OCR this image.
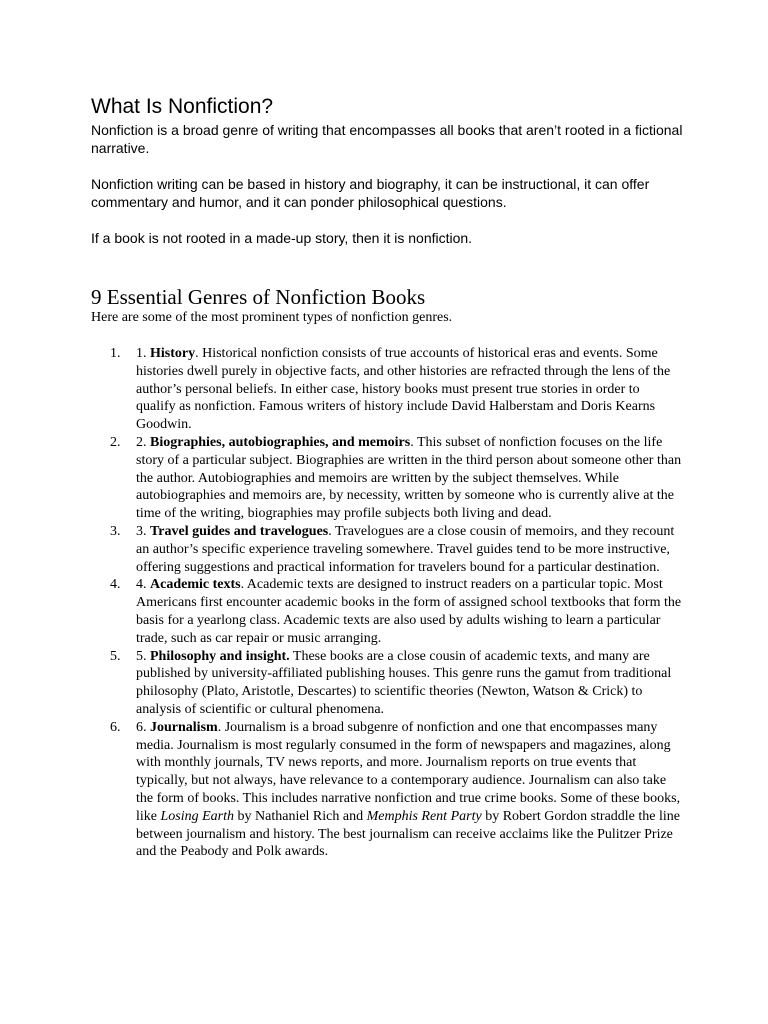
What Is Nonfiction?

Nonfiction is a broad genre of writing that encompasses all books that aren’t rooted in a fictional narrative.

Nonfiction writing can be based in history and biography, it can be instructional, it can offer commentary and humor, and it can ponder philosophical questions.

If a book is not rooted in a made-up story, then it is nonfiction.

9 Essential Genres of Nonfiction Books

Here are some of the most prominent types of nonfiction genres.

1. 1. History. Historical nonfiction consists of true accounts of historical eras and events. Some histories dwell purely in objective facts, and other histories are refracted through the lens of the author’s personal beliefs. In either case, history books must present true stories in order to qualify as nonfiction. Famous writers of history include David Halberstam and Doris Kearns Goodwin.
2. 2. Biographies, autobiographies, and memoirs. This subset of nonfiction focuses on the life story of a particular subject. Biographies are written in the third person about someone other than the author. Autobiographies and memoirs are written by the subject themselves. While autobiographies and memoirs are, by necessity, written by someone who is currently alive at the time of the writing, biographies may profile subjects both living and dead.
3. 3. Travel guides and travelogues. Travelogues are a close cousin of memoirs, and they recount an author’s specific experience traveling somewhere. Travel guides tend to be more instructive, offering suggestions and practical information for travelers bound for a particular destination.
4. 4. Academic texts. Academic texts are designed to instruct readers on a particular topic. Most Americans first encounter academic books in the form of assigned school textbooks that form the basis for a yearlong class. Academic texts are also used by adults wishing to learn a particular trade, such as car repair or music arranging.
5. 5. Philosophy and insight. These books are a close cousin of academic texts, and many are published by university-affiliated publishing houses. This genre runs the gamut from traditional philosophy (Plato, Aristotle, Descartes) to scientific theories (Newton, Watson & Crick) to analysis of scientific or cultural phenomena.
6. 6. Journalism. Journalism is a broad subgenre of nonfiction and one that encompasses many media. Journalism is most regularly consumed in the form of newspapers and magazines, along with monthly journals, TV news reports, and more. Journalism reports on true events that typically, but not always, have relevance to a contemporary audience. Journalism can also take the form of books. This includes narrative nonfiction and true crime books. Some of these books, like Losing Earth by Nathaniel Rich and Memphis Rent Party by Robert Gordon straddle the line between journalism and history. The best journalism can receive acclaims like the Pulitzer Prize and the Peabody and Polk awards.
